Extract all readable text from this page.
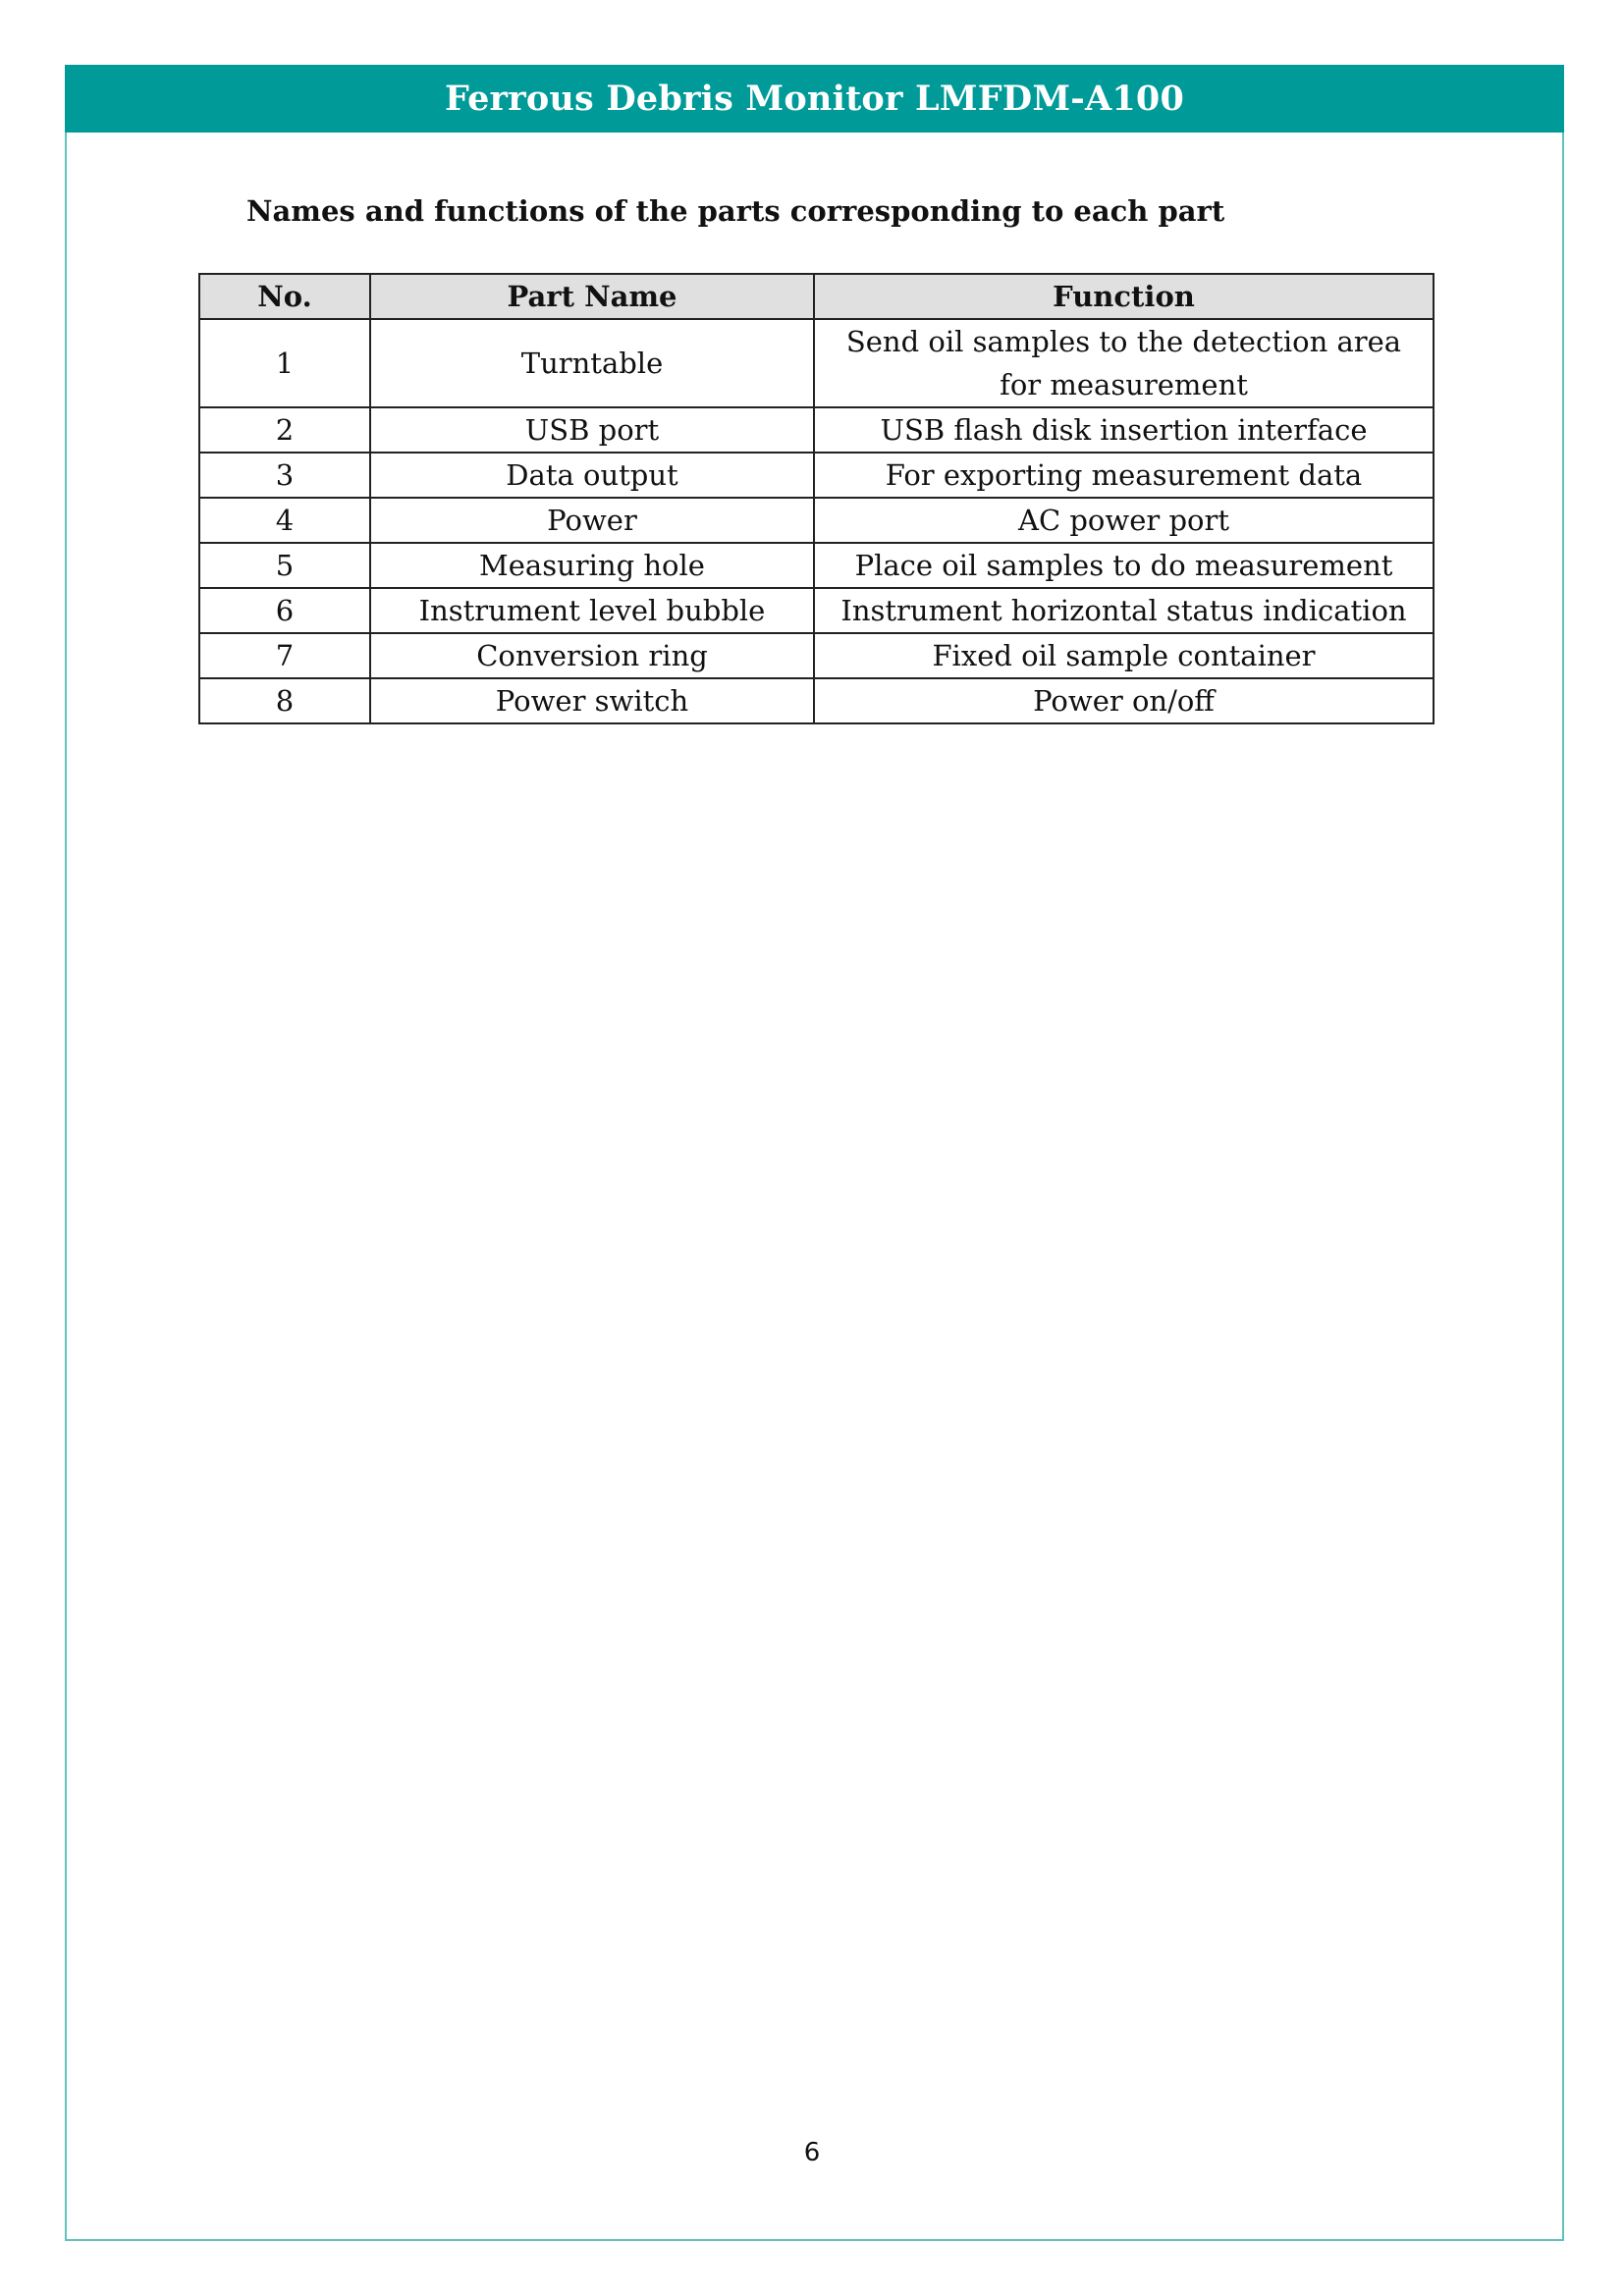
Ferrous Debris Monitor LMFDM-A100
Names and functions of the parts corresponding to each part
No.	Part Name	Function
1	Turntable	Send oil samples to the detection area for measurement
2	USB port	USB flash disk insertion interface
3	Data output	For exporting measurement data
4	Power	AC power port
5	Measuring hole	Place oil samples to do measurement
6	Instrument level bubble	Instrument horizontal status indication
7	Conversion ring	Fixed oil sample container
8	Power switch	Power on/off
6
